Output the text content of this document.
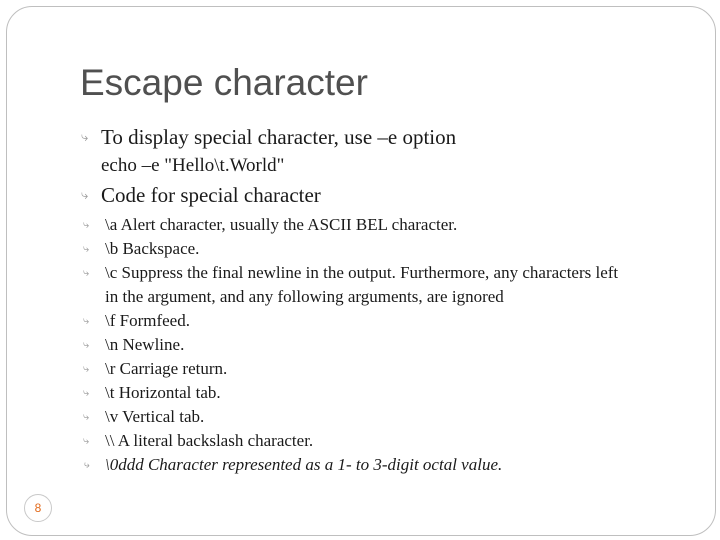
Escape character
⤷ To display special character, use –e option
echo –e "Hello\t.World"
⤷ Code for special character
⤷ \a Alert character, usually the ASCII BEL character.
⤷ \b Backspace.
⤷ \c Suppress the final newline in the output. Furthermore, any characters left in the argument, and any following arguments, are ignored
⤷ \f Formfeed.
⤷ \n Newline.
⤷ \r Carriage return.
⤷ \t Horizontal tab.
⤷ \v Vertical tab.
⤷ \\ A literal backslash character.
⤷ \0ddd Character represented as a 1- to 3-digit octal value.
8
